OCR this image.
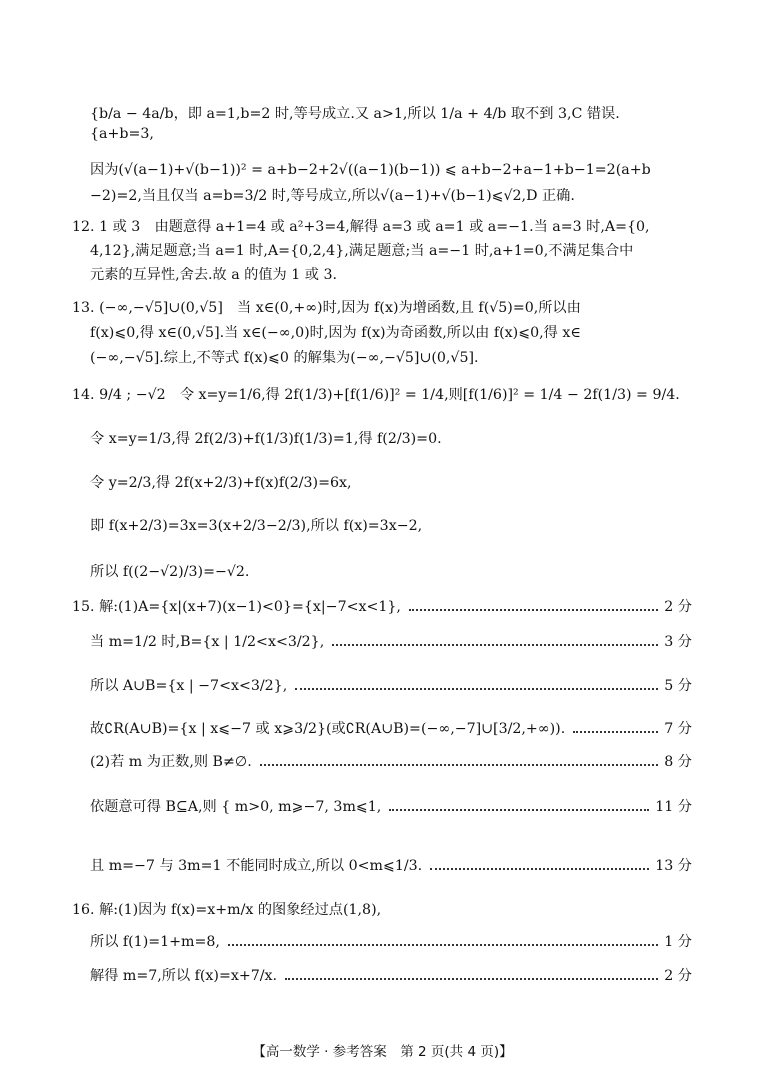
{b/a − 4a/b，即 a=1,b=2 时,等号成立.又 a>1,所以 1/a + 4/b 取不到 3,C 错误.
{a+b=3,
因为(√(a−1)+√(b−1))² = a+b−2+2√((a−1)(b−1)) ⩽ a+b−2+a−1+b−1=2(a+b
−2)=2,当且仅当 a=b=3/2 时,等号成立,所以√(a−1)+√(b−1)⩽√2,D 正确.
12. 1 或 3　由题意得 a+1=4 或 a²+3=4,解得 a=3 或 a=1 或 a=−1.当 a=3 时,A={0,
4,12},满足题意;当 a=1 时,A={0,2,4},满足题意;当 a=−1 时,a+1=0,不满足集合中
元素的互异性,舍去.故 a 的值为 1 或 3.
13. (−∞,−√5]∪(0,√5]　当 x∈(0,+∞)时,因为 f(x)为增函数,且 f(√5)=0,所以由
f(x)⩽0,得 x∈(0,√5].当 x∈(−∞,0)时,因为 f(x)为奇函数,所以由 f(x)⩽0,得 x∈
(−∞,−√5].综上,不等式 f(x)⩽0 的解集为(−∞,−√5]∪(0,√5].
14. 9/4 ; −√2　令 x=y=1/6,得 2f(1/3)+[f(1/6)]² = 1/4,则[f(1/6)]² = 1/4 − 2f(1/3) = 9/4.
令 x=y=1/3,得 2f(2/3)+f(1/3)f(1/3)=1,得 f(2/3)=0.
令 y=2/3,得 2f(x+2/3)+f(x)f(2/3)=6x,
即 f(x+2/3)=3x=3(x+2/3−2/3),所以 f(x)=3x−2,
所以 f((2−√2)/3)=−√2.
15. 解:(1)A={x|(x+7)(x−1)<0}={x|−7<x<1},	2 分
当 m=1/2 时,B={x | 1/2<x<3/2},	3 分
所以 A∪B={x | −7<x<3/2},	5 分
故∁R(A∪B)={x | x⩽−7 或 x⩾3/2}(或∁R(A∪B)=(−∞,−7]∪[3/2,+∞)).	7 分
(2)若 m 为正数,则 B≠∅.	8 分
依题意可得 B⊆A,则 { m>0, m⩾−7, 3m⩽1,	11 分
且 m=−7 与 3m=1 不能同时成立,所以 0<m⩽1/3.	13 分
16. 解:(1)因为 f(x)=x+m/x 的图象经过点(1,8),
所以 f(1)=1+m=8,	1 分
解得 m=7,所以 f(x)=x+7/x.	2 分
【高一数学 · 参考答案　第 2 页(共 4 页)】
